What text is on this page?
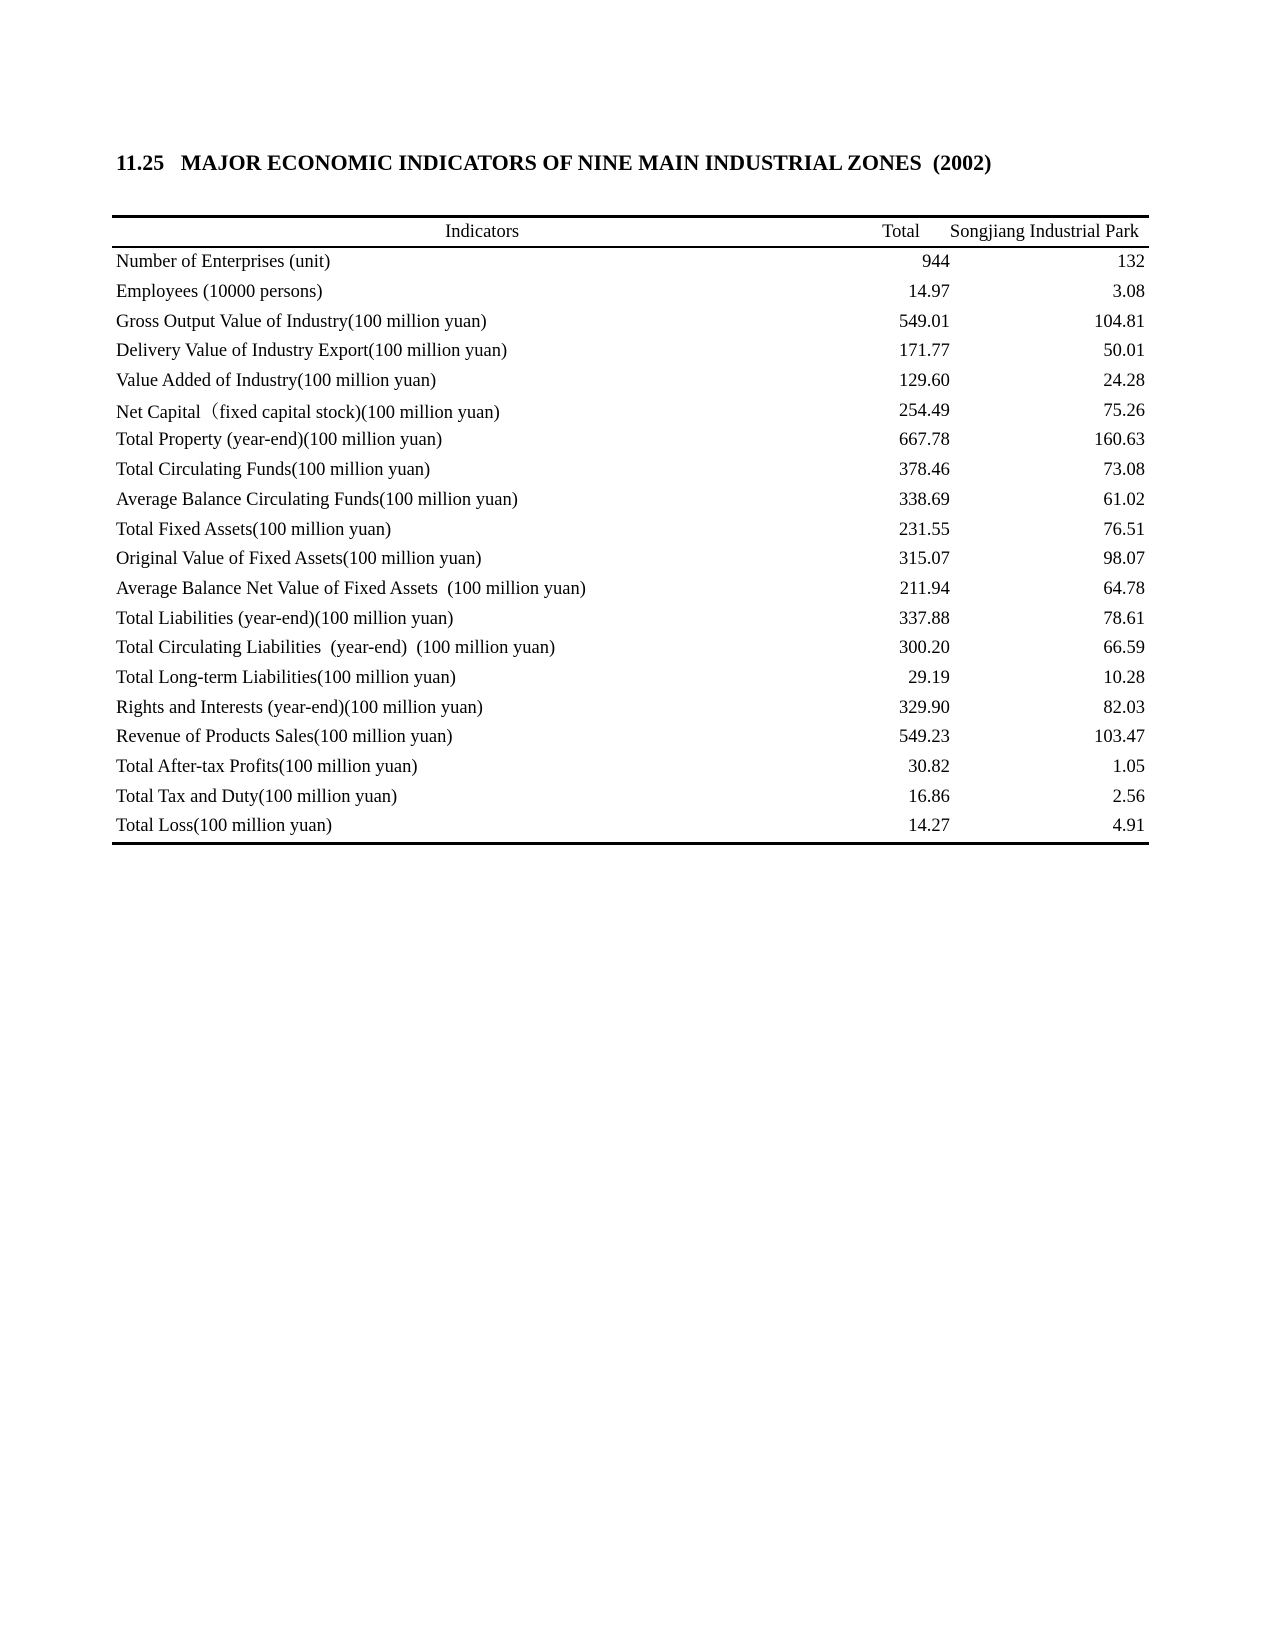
11.25   MAJOR ECONOMIC INDICATORS OF NINE MAIN INDUSTRIAL ZONES  (2002)
Indicators	Total	Songjiang Industrial Park
Number of Enterprises (unit)	944	132
Employees (10000 persons)	14.97	3.08
Gross Output Value of Industry(100 million yuan)	549.01	104.81
Delivery Value of Industry Export(100 million yuan)	171.77	50.01
Value Added of Industry(100 million yuan)	129.60	24.28
Net Capital（fixed capital stock)(100 million yuan)	254.49	75.26
Total Property (year-end)(100 million yuan)	667.78	160.63
Total Circulating Funds(100 million yuan)	378.46	73.08
Average Balance Circulating Funds(100 million yuan)	338.69	61.02
Total Fixed Assets(100 million yuan)	231.55	76.51
Original Value of Fixed Assets(100 million yuan)	315.07	98.07
Average Balance Net Value of Fixed Assets  (100 million yuan)	211.94	64.78
Total Liabilities (year-end)(100 million yuan)	337.88	78.61
Total Circulating Liabilities  (year-end)  (100 million yuan)	300.20	66.59
Total Long-term Liabilities(100 million yuan)	29.19	10.28
Rights and Interests (year-end)(100 million yuan)	329.90	82.03
Revenue of Products Sales(100 million yuan)	549.23	103.47
Total After-tax Profits(100 million yuan)	30.82	1.05
Total Tax and Duty(100 million yuan)	16.86	2.56
Total Loss(100 million yuan)	14.27	4.91
